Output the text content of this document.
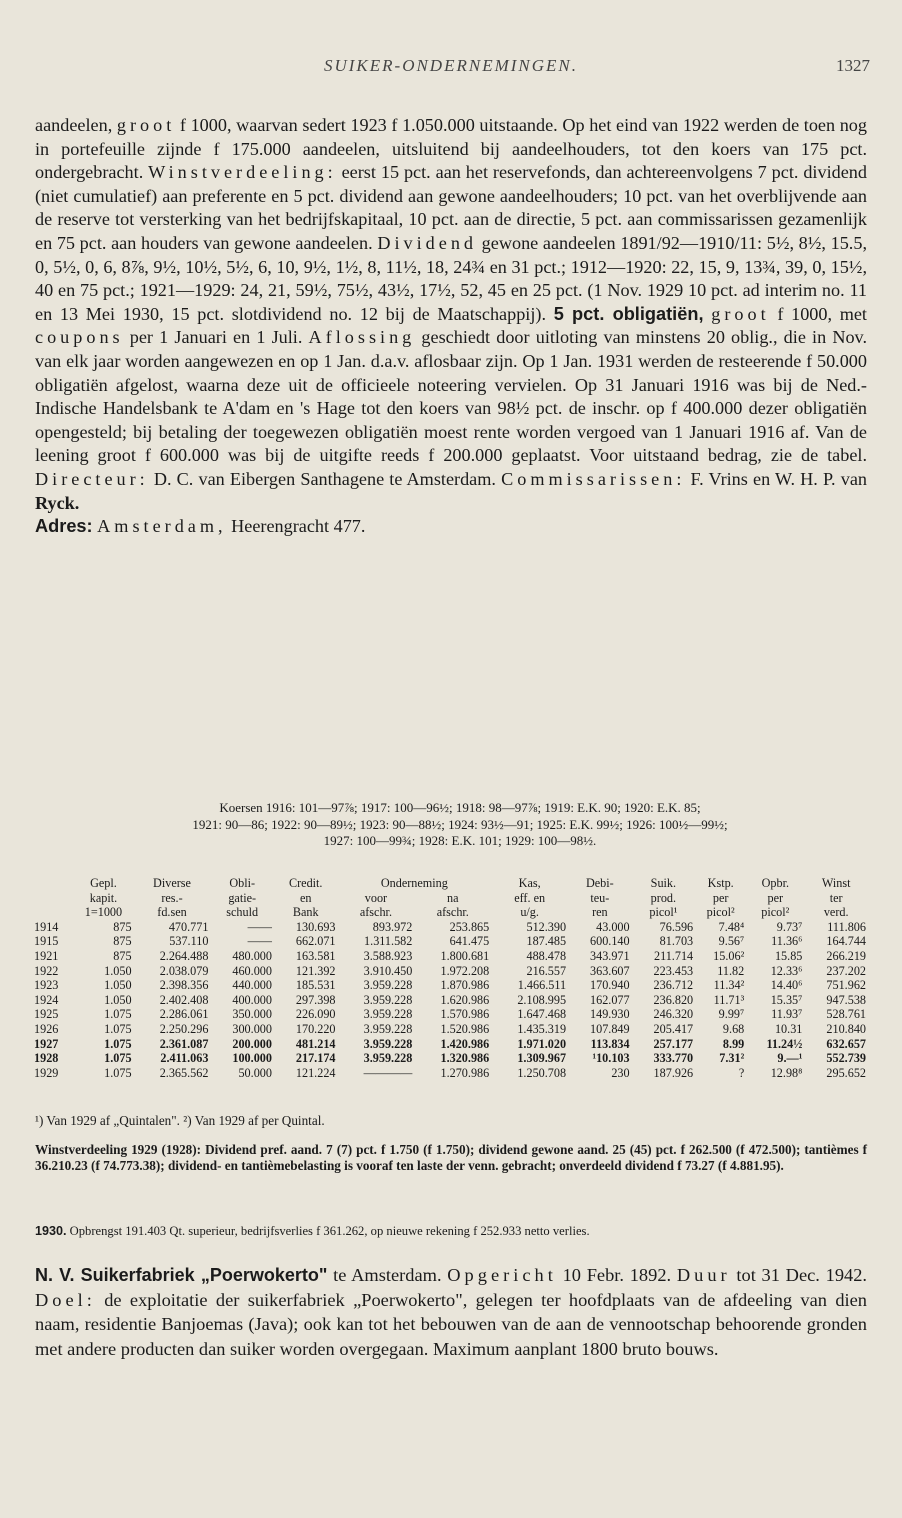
SUIKER-ONDERNEMINGEN.	1327

aandeelen, groot f 1000, waarvan sedert 1923 f 1.050.000 uitstaande. Op het eind van 1922 werden de toen nog in portefeuille zijnde f 175.000 aandeelen, uitsluitend bij aandeelhouders, tot den koers van 175 pct. ondergebracht. Winstverdeeling: eerst 15 pct. aan het reservefonds, dan achtereenvolgens 7 pct. dividend (niet cumulatief) aan preferente en 5 pct. dividend aan gewone aandeelhouders; 10 pct. van het overblijvende aan de reserve tot versterking van het bedrijfskapitaal, 10 pct. aan de directie, 5 pct. aan commissarissen gezamenlijk en 75 pct. aan houders van gewone aandeelen. Dividend gewone aandeelen 1891/92—1910/11: 5½, 8½, 15.5, 0, 5½, 0, 6, 8⅞, 9½, 10½, 5½, 6, 10, 9½, 1½, 8, 11½, 18, 24¾ en 31 pct.; 1912—1920: 22, 15, 9, 13¾, 39, 0, 15½, 40 en 75 pct.; 1921—1929: 24, 21, 59½, 75½, 43½, 17½, 52, 45 en 25 pct. (1 Nov. 1929 10 pct. ad interim no. 11 en 13 Mei 1930, 15 pct. slotdividend no. 12 bij de Maatschappij). 5 pct. obligatiën, groot f 1000, met coupons per 1 Januari en 1 Juli. Aflossing geschiedt door uitloting van minstens 20 oblig., die in Nov. van elk jaar worden aangewezen en op 1 Jan. d.a.v. aflosbaar zijn. Op 1 Jan. 1931 werden de resteerende f 50.000 obligatiën afgelost, waarna deze uit de officieele noteering vervielen. Op 31 Januari 1916 was bij de Ned.-Indische Handelsbank te A'dam en 's Hage tot den koers van 98½ pct. de inschr. op f 400.000 dezer obligatiën opengesteld; bij betaling der toegewezen obligatiën moest rente worden vergoed van 1 Januari 1916 af. Van de leening groot f 600.000 was bij de uitgifte reeds f 200.000 geplaatst. Voor uitstaand bedrag, zie de tabel. Directeur: D. C. van Eibergen Santhagene te Amsterdam. Commissarissen: F. Vrins en W. H. P. van Ryck.
Adres: Amsterdam, Heerengracht 477.

Koersen 1916: 101—97⅞; 1917: 100—96½; 1918: 98—97⅞; 1919: E.K. 90; 1920: E.K. 85;
1921: 90—86; 1922: 90—89½; 1923: 90—88½; 1924: 93½—91; 1925: E.K. 99½; 1926: 100½—99½;
1927: 100—99¾; 1928: E.K. 101; 1929: 100—98½.
	Gepl.	Diverse	Obli-	Credit.	Onderneming		Kas,	Debi-	Suik.	Kstp.	Opbr.	Winst
	kapit.	res.-	gatie-	en	voor	na	eff. en	teu-	prod.	per	per	ter
	1=1000	fd.sen	schuld	Bank	afschr.	afschr.	u/g.	ren	picol¹	picol²	picol²	verd.
1914	875	470.771	——	130.693	893.972	253.865	512.390	43.000	76.596	7.48⁴	9.73⁷	111.806
1915	875	537.110	——	662.071	1.311.582	641.475	187.485	600.140	81.703	9.56⁷	11.36⁶	164.744
1921	875	2.264.488	480.000	163.581	3.588.923	1.800.681	488.478	343.971	211.714	15.06²	15.85	266.219
1922	1.050	2.038.079	460.000	121.392	3.910.450	1.972.208	216.557	363.607	223.453	11.82	12.33⁶	237.202
1923	1.050	2.398.356	440.000	185.531	3.959.228	1.870.986	1.466.511	170.940	236.712	11.34²	14.40⁶	751.962
1924	1.050	2.402.408	400.000	297.398	3.959.228	1.620.986	2.108.995	162.077	236.820	11.71³	15.35⁷	947.538
1925	1.075	2.286.061	350.000	226.090	3.959.228	1.570.986	1.647.468	149.930	246.320	9.99⁷	11.93⁷	528.761
1926	1.075	2.250.296	300.000	170.220	3.959.228	1.520.986	1.435.319	107.849	205.417	9.68	10.31	210.840
1927	1.075	2.361.087	200.000	481.214	3.959.228	1.420.986	1.971.020	113.834	257.177	8.99	11.24½	632.657
1928	1.075	2.411.063	100.000	217.174	3.959.228	1.320.986	1.309.967	¹10.103	333.770	7.31²	9.—¹	552.739
1929	1.075	2.365.562	50.000	121.224	————	1.270.986	1.250.708	230	187.926	?	12.98⁸	295.652
¹) Van 1929 af „Quintalen". ²) Van 1929 af per Quintal.
Winstverdeeling 1929 (1928): Dividend pref. aand. 7 (7) pct. f 1.750 (f 1.750); dividend gewone aand. 25 (45) pct. f 262.500 (f 472.500); tantièmes f 36.210.23 (f 74.773.38); dividend- en tantièmebelasting is vooraf ten laste der venn. gebracht; onverdeeld dividend f 73.27 (f 4.881.95).
1930. Opbrengst 191.403 Qt. superieur, bedrijfsverlies f 361.262, op nieuwe rekening f 252.933 netto verlies.

N. V. Suikerfabriek „Poerwokerto" te Amsterdam. Opgericht 10 Febr. 1892. Duur tot 31 Dec. 1942. Doel: de exploitatie der suikerfabriek „Poerwokerto", gelegen ter hoofdplaats van de afdeeling van dien naam, residentie Banjoemas (Java); ook kan tot het bebouwen van de aan de vennootschap behoorende gronden met andere producten dan suiker worden overgegaan. Maximum aanplant 1800 bruto bouws.
